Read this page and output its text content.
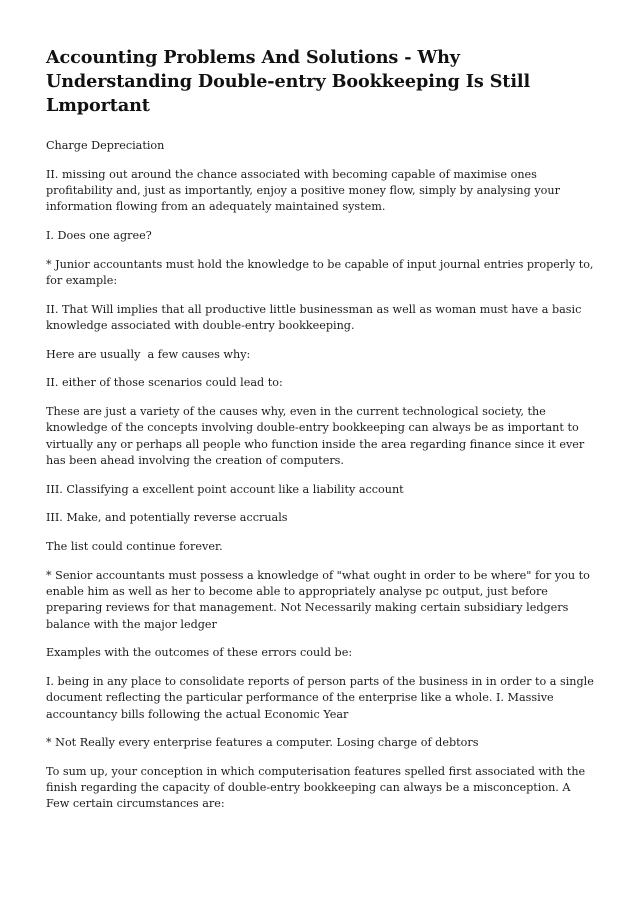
Accounting Problems And Solutions - Why Understanding Double-entry Bookkeeping Is Still Lmportant

Charge Depreciation

II. missing out around the chance associated with becoming capable of maximise ones profitability and, just as importantly, enjoy a positive money flow, simply by analysing your information flowing from an adequately maintained system.

I. Does one agree?

* Junior accountants must hold the knowledge to be capable of input journal entries properly to, for example:

II. That Will implies that all productive little businessman as well as woman must have a basic knowledge associated with double-entry bookkeeping.

Here are usually  a few causes why:

II. either of those scenarios could lead to:

These are just a variety of the causes why, even in the current technological society, the knowledge of the concepts involving double-entry bookkeeping can always be as important to virtually any or perhaps all people who function inside the area regarding finance since it ever has been ahead involving the creation of computers.

III. Classifying a excellent point account like a liability account

III. Make, and potentially reverse accruals

The list could continue forever.

* Senior accountants must possess a knowledge of "what ought in order to be where" for you to enable him as well as her to become able to appropriately analyse pc output, just before preparing reviews for that management. Not Necessarily making certain subsidiary ledgers balance with the major ledger

Examples with the outcomes of these errors could be:

I. being in any place to consolidate reports of person parts of the business in in order to a single document reflecting the particular performance of the enterprise like a whole. I. Massive accountancy bills following the actual Economic Year

* Not Really every enterprise features a computer. Losing charge of debtors

To sum up, your conception in which computerisation features spelled first associated with the finish regarding the capacity of double-entry bookkeeping can always be a misconception. A Few certain circumstances are:
